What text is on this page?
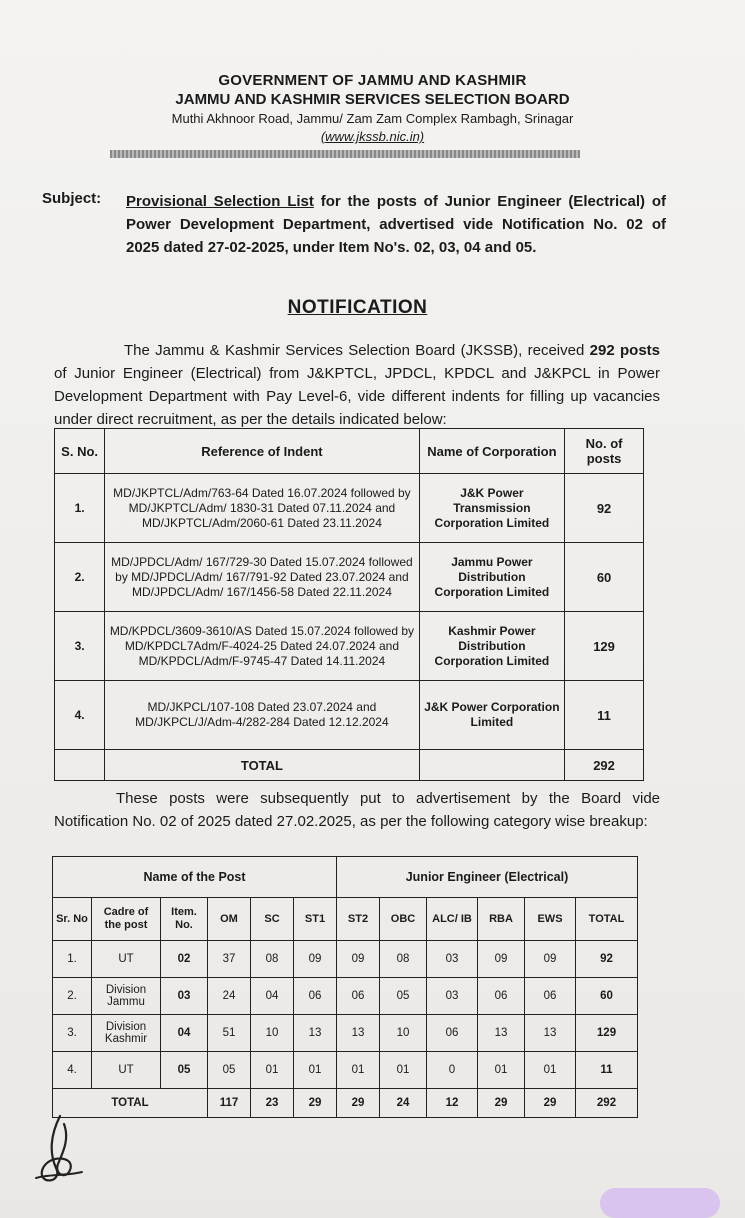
GOVERNMENT OF JAMMU AND KASHMIR
JAMMU AND KASHMIR SERVICES SELECTION BOARD
Muthi Akhnoor Road, Jammu/ Zam Zam Complex Rambagh, Srinagar
(www.jkssb.nic.in)
Subject: Provisional Selection List for the posts of Junior Engineer (Electrical) of Power Development Department, advertised vide Notification No. 02 of 2025 dated 27-02-2025, under Item No's. 02, 03, 04 and 05.
NOTIFICATION
The Jammu & Kashmir Services Selection Board (JKSSB), received 292 posts of Junior Engineer (Electrical) from J&KPTCL, JPDCL, KPDCL and J&KPCL in Power Development Department with Pay Level-6, vide different indents for filling up vacancies under direct recruitment, as per the details indicated below:
S. No.	Reference of Indent	Name of Corporation	No. of posts
1.	MD/JKPTCL/Adm/763-64 Dated 16.07.2024 followed by MD/JKPTCL/Adm/ 1830-31 Dated 07.11.2024 and MD/JKPTCL/Adm/2060-61 Dated 23.11.2024	J&K Power Transmission Corporation Limited	92
2.	MD/JPDCL/Adm/ 167/729-30 Dated 15.07.2024 followed by MD/JPDCL/Adm/ 167/791-92 Dated 23.07.2024 and MD/JPDCL/Adm/ 167/1456-58 Dated 22.11.2024	Jammu Power Distribution Corporation Limited	60
3.	MD/KPDCL/3609-3610/AS Dated 15.07.2024 followed by MD/KPDCL7Adm/F-4024-25 Dated 24.07.2024 and MD/KPDCL/Adm/F-9745-47 Dated 14.11.2024	Kashmir Power Distribution Corporation Limited	129
4.	MD/JKPCL/107-108 Dated 23.07.2024 and MD/JKPCL/J/Adm-4/282-284 Dated 12.12.2024	J&K Power Corporation Limited	11
	TOTAL		292
These posts were subsequently put to advertisement by the Board vide Notification No. 02 of 2025 dated 27.02.2025, as per the following category wise breakup:
Name of the Post						Junior Engineer (Electrical)					
Sr. No	Cadre of the post	Item. No.	OM	SC	ST1	ST2	OBC	ALC/ IB	RBA	EWS	TOTAL
1.	UT	02	37	08	09	09	08	03	09	09	92
2.	Division Jammu	03	24	04	06	06	05	03	06	06	60
3.	Division Kashmir	04	51	10	13	13	10	06	13	13	129
4.	UT	05	05	01	01	01	01	0	01	01	11
TOTAL			117	23	29	29	24	12	29	29	292
